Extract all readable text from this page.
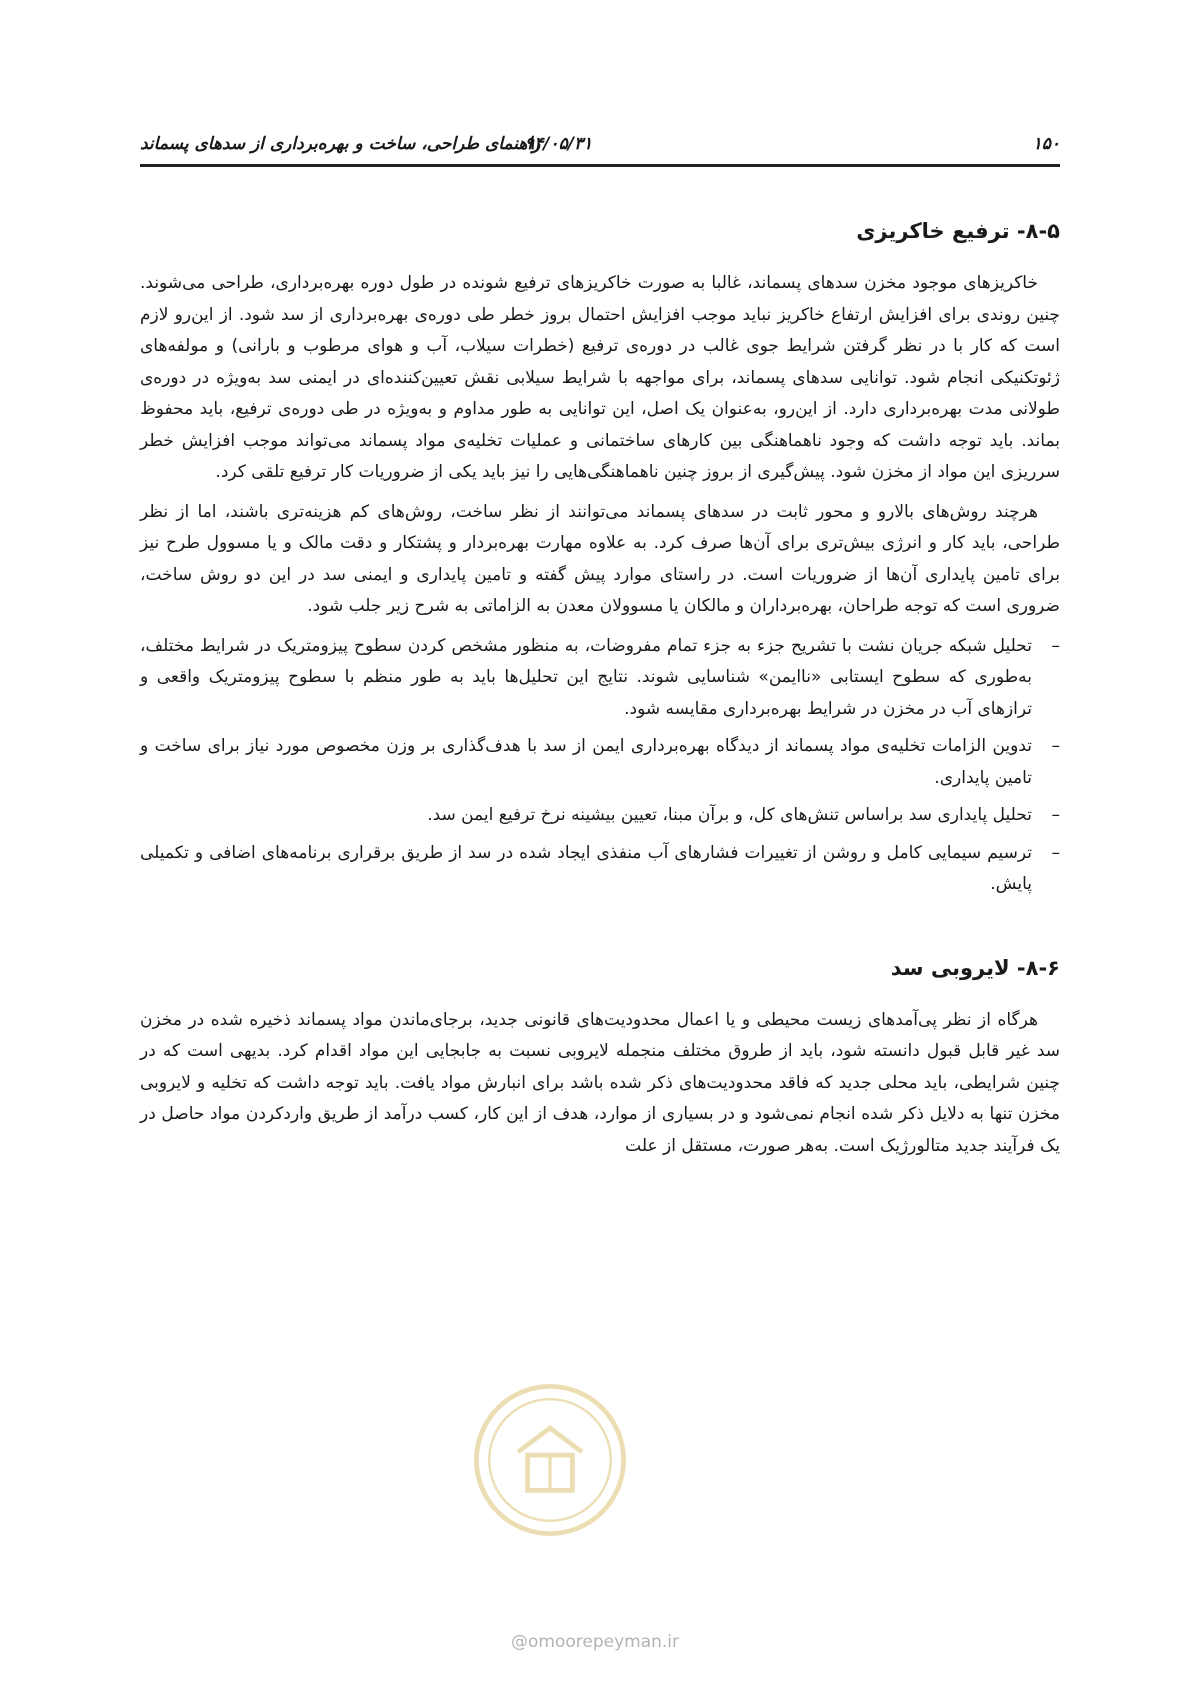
۱۵۰
۹۴/۰۵/۳۱
راهنمای طراحی، ساخت و بهره‌برداری از سدهای پسماند
۸-۵- ترفیع خاکریزی

خاکریزهای موجود مخزن سدهای پسماند، غالبا به صورت خاکریزهای ترفیع شونده در طول دوره بهره‌برداری، طراحی می‌شوند. چنین روندی برای افزایش ارتفاع خاکریز نباید موجب افزایش احتمال بروز خطر طی دوره‌ی بهره‌برداری از سد شود. از این‌رو لازم است که کار با در نظر گرفتن شرایط جوی غالب در دوره‌ی ترفیع (خطرات سیلاب، آب و هوای مرطوب و بارانی) و مولفه‌های ژئوتکنیکی انجام شود. توانایی سدهای پسماند، برای مواجهه با شرایط سیلابی نقش تعیین‌کننده‌ای در ایمنی سد به‌ویژه در دوره‌ی طولانی مدت بهره‌برداری دارد. از این‌رو، به‌عنوان یک اصل، این توانایی به طور مداوم و به‌ویژه در طی دوره‌ی ترفیع، باید محفوظ بماند. باید توجه داشت که وجود ناهماهنگی بین کارهای ساختمانی و عملیات تخلیه‌ی مواد پسماند می‌تواند موجب افزایش خطر سرریزی این مواد از مخزن شود. پیش‌گیری از بروز چنین ناهماهنگی‌هایی را نیز باید یکی از ضروریات کار ترفیع تلقی کرد.

هرچند روش‌های بالارو و محور ثابت در سدهای پسماند می‌توانند از نظر ساخت، روش‌های کم هزینه‌تری باشند، اما از نظر طراحی، باید کار و انرژی بیش‌تری برای آن‌ها صرف کرد. به علاوه مهارت بهره‌بردار و پشتکار و دقت مالک و یا مسوول طرح نیز برای تامین پایداری آن‌ها از ضروریات است. در راستای موارد پیش گفته و تامین پایداری و ایمنی سد در این دو روش ساخت، ضروری است که توجه طراحان، بهره‌برداران و مالکان یا مسوولان معدن به الزاماتی به شرح زیر جلب شود.

–
تحلیل شبکه جریان نشت با تشریح جزء به جزء تمام مفروضات، به منظور مشخص کردن سطوح پیزومتریک در شرایط مختلف، به‌طوری که سطوح ایستابی «ناایمن» شناسایی شوند. نتایج این تحلیل‌ها باید به طور منظم با سطوح پیزومتریک واقعی و ترازهای آب در مخزن در شرایط بهره‌برداری مقایسه شود.
–
تدوین الزامات تخلیه‌ی مواد پسماند از دیدگاه بهره‌برداری ایمن از سد با هدف‌گذاری بر وزن مخصوص مورد نیاز برای ساخت و تامین پایداری.
–
تحلیل پایداری سد براساس تنش‌های کل، و برآن مبنا، تعیین بیشینه نرخ ترفیع ایمن سد.
–
ترسیم سیمایی کامل و روشن از تغییرات فشارهای آب منفذی ایجاد شده در سد از طریق برقراری برنامه‌های اضافی و تکمیلی پایش.
۸-۶- لایروبی سد

هرگاه از نظر پی‌آمدهای زیست محیطی و یا اعمال محدودیت‌های قانونی جدید، برجای‌ماندن مواد پسماند ذخیره شده در مخزن سد غیر قابل قبول دانسته شود، باید از طروق مختلف منجمله لایروبی نسبت به جابجایی این مواد اقدام کرد. بدیهی است که در چنین شرایطی، باید محلی جدید که فاقد محدودیت‌های ذکر شده باشد برای انبارش مواد یافت. باید توجه داشت که تخلیه و لایروبی مخزن تنها به دلایل ذکر شده انجام نمی‌شود و در بسیاری از موارد، هدف از این کار، کسب درآمد از طریق واردکردن مواد حاصل در یک فرآیند جدید متالورژیک است. به‌هر صورت، مستقل از علت

@omoorepeyman.ir
